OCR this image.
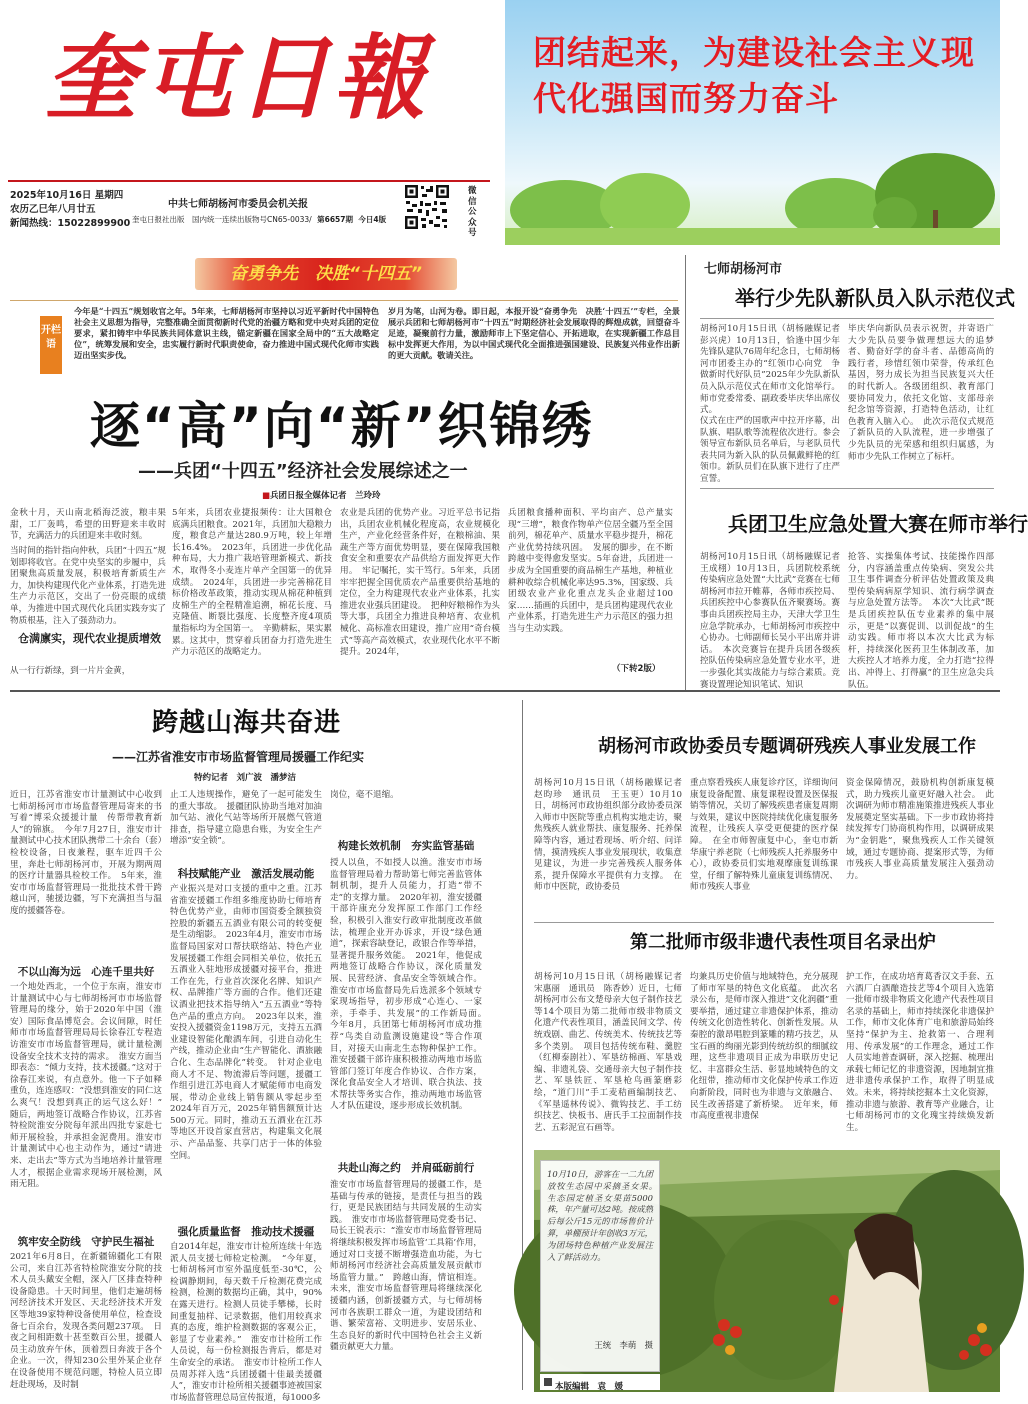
奎屯日報
2025年10月16日 星期四
农历乙巳年八月廿五
新闻热线：15022899900
中共七师胡杨河市委员会机关报
奎屯日报社出版　国内统一连续出版物号CN65-0033/ 第6657期 今日4版
微信公众号
团结起来，为建设社会主义现代化强国而努力奋斗
奋勇争先　决胜“十四五”
开栏语
今年是“十四五”规划收官之年。5年来，七师胡杨河市坚持以习近平新时代中国特色社会主义思想为指导，完整准确全面贯彻新时代党的治疆方略和党中央对兵团的定位要求，紧扣铸牢中华民族共同体意识主线，锚定新疆在国家全局中的“五大战略定位”，统筹发展和安全，忠实履行新时代职责使命，奋力推进中国式现代化师市实践迈出坚实步伐。
岁月为笔，山河为卷。即日起，本报开设“奋勇争先　决胜‘十四五’”专栏，全景展示兵团和七师胡杨河市“十四五”时期经济社会发展取得的辉煌成就，回望奋斗足迹，凝聚前行力量，激励师市上下坚定信心、开拓进取，在实现新疆工作总目标中发挥更大作用，为以中国式现代化全面推进强国建设、民族复兴伟业作出新的更大贡献。敬请关注。
逐“高”向“新”织锦绣
——兵团“十四五”经济社会发展综述之一
■兵团日报全媒体记者　兰玲玲
金秋十月，天山南北稻海泛波，粮丰果甜，工厂轰鸣，希望的田野迎来丰收时节，充满活力的兵团迎来丰收时刻。
当时间的指针指向仲秋，兵团“十四五”规划即将收官。在党中央坚实的步履中，兵团聚焦高质量发展，积极培育新质生产力，加快构建现代化产业体系，打造先进生产力示范区，交出了一份亮眼的成绩单，为推进中国式现代化兵团实践夯实了物质根基，注入了强劲动力。
仓满廪实，现代农业提质增效
从一行行新绿，到一片片金黄，
5年来，兵团农业捷报频传：让大国粮仓底满兵团粮食。2021年，兵团加大稳粮力度，粮食总产量达280.9万吨，较上年增长16.4%。　2023年，兵团进一步优化品种布局，大力推广栽培管理新模式、新技术，取得冬小麦连片单产全国第一的优异成绩。　2024年，兵团进一步完善棉花目标价格改革政策，推动实现从棉花种植到皮棉生产的全程精准追溯，棉花长度、马克隆值、断裂比强度、长度整齐度4项质量指标均为全国第一。　辛勤耕耘，果实累累。这其中，贯穿着兵团奋力打造先进生产力示范区的战略定力。
农业是兵团的优势产业。习近平总书记指出，兵团农业机械化程度高，农业规模化生产，产业化经营条件好，在粮棉油、果蔬生产等方面优势明显，要在保障我国粮食安全和重要农产品供给方面发挥更大作用。　牢记嘱托，实干笃行。5年来，兵团牢牢把握全国优质农产品重要供给基地的定位，全力构建现代农业产业体系，扎实推进农业强兵团建设。　把种好粮棉作为头等大事，兵团全力推进良种培育、农业机械化、高标准农田建设，推广应用“奇台模式”等高产高效模式，农业现代化水平不断提升。2024年，
兵团粮食播种面积、平均亩产、总产量实现“三增”，粮食作物单产位居全疆乃至全国前列，棉花单产、质量水平稳步提升，棉花产业优势持续巩固。　发展的脚步，在不断跨越中变得愈发坚实。5年奋进，兵团进一步成为全国重要的商品棉生产基地，种植业耕种收综合机械化率达95.3%，国家级、兵团级农业产业化重点龙头企业超过100家……插画的兵团中，是兵团构建现代农业产业体系，打造先进生产力示范区的强力担当与生动实践。
（下转2版）
七师胡杨河市
举行少先队新队员入队示范仪式
胡杨河10月15日讯（胡杨融媒记者　彭兴虎）10月13日，恰逢中国少年先锋队建队76周年纪念日，七师胡杨河市团委主办的“红领巾心向党　争做新时代好队员”2025年少先队新队员入队示范仪式在师市文化馆举行。师市党委常委、副政委毕庆华出席仪式。
仪式在庄严的国歌声中拉开序幕，出队旗、唱队歌等流程依次进行。参会领导宣布新队员名单后，与老队员代表共同为新入队的队员佩戴鲜艳的红领巾。新队员们在队旗下进行了庄严宣誓。
毕庆华向新队员表示祝贺，并寄语广大少先队员要争做理想远大的追梦者、勤奋好学的奋斗者、品德高尚的践行者，珍惜红领巾荣誉，传承红色基因，努力成长为担当民族复兴大任的时代新人。各级团组织、教育部门要协同发力，依托文化馆、支部母亲纪念馆等资源，打造特色活动，让红色教育入脑入心。　此次示范仪式规范了新队员的入队流程，进一步增强了少先队员的光荣感和组织归属感，为师市少先队工作树立了标杆。
兵团卫生应急处置大赛在师市举行
胡杨河10月15日讯（胡杨融媒记者　王成栩）10月13日，兵团院校系统传染病应急处置“大比武”竞赛在七师胡杨河市拉开帷幕，各师市疾控局、兵团疾控中心参赛队伍齐聚赛场。赛事由兵团疾控局主办，天津大学卫生应急学院承办，七师胡杨河市疾控中心协办。七师副师长吴小平出席并讲话。　本次竞赛旨在提升兵团各级疾控队伍传染病应急处置专业水平，进一步强化其实战能力与综合素质。竞赛设置理论知识笔试、知识
抢答、实操集体考试、技能操作四部分，内容涵盖重点传染病、突发公共卫生事件调查分析评估处置政策及典型传染病病原学知识、流行病学调查与应急处置方法等。　本次“大比武”既是兵团疾控队伍专业素养的集中展示，更是“以赛促训、以训促战”的生动实践。师市将以本次大比武为标杆，持续深化医药卫生体制改革，加大疾控人才培养力度，全力打造“拉得出、冲得上、打得赢”的卫生应急尖兵队伍。
跨越山海共奋进
——江苏省淮安市市场监督管理局援疆工作纪实
特约记者　刘广波　潘梦洁
近日，江苏省淮安市计量测试中心收到七师胡杨河市市场监督管理局寄来的书写着“博采众援援计量　传帮带教育新人”的锦旗。　今年7月27日，淮安市计量测试中心技术团队携带二十余台（套）检校设备，日夜兼程，驱车近四千公里，奔赴七师胡杨河市，开展为期两周的医疗计量器具检校工作。　5年来，淮安市市场监督管理局一批批技术骨干跨越山河，驰援边疆，写下充满担当与温度的援疆答卷。
不以山海为远　心连千里共好
一个地处西北，一个位于东南，淮安市计量测试中心与七师胡杨河市市场监督管理局的缘分，始于2020年中国（淮安）国际食品博览会。会议间隙，时任师市市场监督管理局局长徐春江专程造访淮安市市场监督管理局，就计量检测设备安全技术支持的需求。　淮安方面当即表态：“倾力支持，技术援疆。”这对于徐春江来说，有点意外。他一下子如释重负，连连感叹：“没想到淮安的同仁这么爽气！没想到真正的运气这么好！”　随后，两地签订战略合作协议，江苏省特检院淮安分院每年派出四批专家赴七师开展检验，并承担金泥费用。淮安市计量测试中心也主动作为，通过“请进来、走出去”等方式为当地培养计量管理人才，根据企业需求现场开展检测，风雨无阻。
筑牢安全防线　守护民生福祉
2021年6月8日，在新疆锦疆化工有限公司，来自江苏省特检院淮安分院的技术人员头戴安全帽，深入厂区排查特种设备隐患。十天时间里，他们走遍胡杨河经济技术开发区、天北经济技术开发区等地39家特种设备使用单位，检查设备七百余台，发现各类问题237项。　日夜之间相距数十甚至数百公里，援疆人员主动放弃午休，顶着烈日奔波于各个企业。一次，得知230公里外某企业存在设备使用不规范问题，特检人员立即赶赴现场，及时制
止工人违规操作，避免了一起可能发生的重大事故。　援疆团队协助当地对加油加气站、液化气站等场所开展燃气管道排查，指导建立隐患台账，为安全生产增添“安全锁”。
科技赋能产业　激活发展动能
产业振兴是对口支援的重中之重。江苏省淮安援疆工作组多维度协助七师培育特色优势产业，由师市国资委全额独资控股的新疆五五酒业有限公司的转变便是生动缩影。　2023年4月，淮安市市场监督局国家对口帮扶联络站、特色产业发展援疆工作组会同相关单位，依托五五酒业入驻地形成援疆对接平台，推进工作在先，行业首次深化名牌、知识产权、品牌推广等方面的合作。他们还建议酒业把技术指导纳入“五五酒业”等特色产品的重点方向。　2023年以来，淮安投入援疆资金1198万元，支持五五酒业建设智能化酿酒车间，引进自动化生产线，推动企业由“生产智能化、酒旅融合化、生态品牌化”转变。　针对企业电商人才不足、物流滞后等问题，援疆工作组引进江苏电商人才赋能师市电商发展，带动企业线上销售额从零起步至2024年百万元，2025年销售额预计达500万元。同时，推动五五酒业在江苏等地区开设首家直营店，构建集文化展示、产品品鉴、共享门店于一体的体验空间。
强化质量监督　推动技术援疆
自2014年起，淮安市计检所连续十年选派人员支援七师检定检测。　“今年夏，七师胡杨河市室外温度低至-30℃，公检调静期间，每天数千斤检测花费完成检测，检测的数据均正确，其中，90%在露天进行。检测人员徒手攀梯，长时间重复抽样、记录数据，他们用较真求真的态度，维护检测数据的客观公正，彰显了专业素养。”　淮安市计检所工作人员说，每一份检测报告背后，都是对生命安全的承诺。　淮安市计检所工作人员周苏祥入选“兵团援疆十佳最美援疆人”，淮安市计检所相关援疆事迹被国家市场监督管理总局宣传报道，每1000多
岗位，毫不退缩。
构建长效机制　夯实监管基础
授人以鱼，不如授人以渔。淮安市市场监督管理局着力帮助第七师完善监管体制机制，提升人员能力，打造“带不走”的支撑力量。　2020年初，淮安援疆干部许康充分发挥原工作部门工作经验，积极引入淮安行政审批制度改革做法，梳理企业开办诉求，开设“绿色通道”，探索容缺登记，政银合作等举措，显著提升服务效能。　2021年，他促成两地签订战略合作协议，深化质量发展、民营经济、食品安全等领域合作。淮安市市场监督局先后选派多个领域专家现场指导，初步形成“心连心、一家亲，手牵手、共发展”的工作新局面。　今年8月，兵团第七师胡杨河市成功推荐“鸟类自动监测设施建设”等合作项目，对接天山南北生态物种保护工作。淮安援疆干部许康积极推动两地市场监管部门签订年度合作协议、合作方案，深化食品安全人才培训、联合执法、技术帮扶等务实合作，推动两地市场监管人才队伍建设，逐步形成长效机制。
共赴山海之约　并肩砥砺前行
淮安市市场监督管理局的援疆工作，是基础与传承的链接，是责任与担当的践行，更是民族团结与共同发展的生动实践。　淮安市市场监督管理局党委书记、局长王锐表示：“淮安市市场监督管理局将继续积极发挥市场监管‘工具箱’作用，通过对口支援不断增强造血功能，为七师胡杨河市经济社会高质量发展贡献市场监管力量。”　跨越山海，情谊相连。未来，淮安市场监督管理局将继续深化援疆内涵，创新援疆方式，与七师胡杨河市各族职工群众一道，为建设团结和谐、繁荣富裕、文明进步、安居乐业、生态良好的新时代中国特色社会主义新疆贡献更大力量。
胡杨河市政协委员专题调研残疾人事业发展工作
胡杨河10月15日讯（胡杨融媒记者　赵昀珍　通讯员　王玉更）10月10日，胡杨河市政协组织部分政协委员深入师市中医院等重点机构实地走访，聚焦残疾人就业帮扶、康复服务、托养保障等内容，通过看现场、听介绍、问详情，摸清残疾人事业发展现状，收集意见建议，为进一步完善残疾人服务体系，提升保障水平提供有力支撑。　在师市中医院，政协委员
重点察看残疾人康复诊疗区，详细询问康复设备配置、康复课程设置及医保报销等情况，关切了解残疾患者康复周期与效果，建议中医院持续优化康复服务流程，让残疾人享受更便捷的医疗保障。　在全市师智康复中心，奎屯市新华康宁养老院（七师残疾人托养服务中心），政协委员们实地观摩康复训练课堂，仔细了解特殊儿童康复训练情况、师市残疾人事业
资金保障情况，鼓励机构创新康复模式，助力残疾儿童更好融入社会。　此次调研为师市精准施策推进残疾人事业发展奠定坚实基础。下一步市政协将持续发挥专门协商机构作用，以调研成果为“金钥匙”，聚焦残疾人工作关键领域，通过专题协商、提案形式等，为师市残疾人事业高质量发展注入强劲动力。
第二批师市级非遗代表性项目名录出炉
胡杨河10月15日讯（胡杨融媒记者　宋惠丽　通讯员　陈香妙）近日，七师胡杨河市公布文楚母亲大包子制作技艺等14个项目为第二批师市级非物质文化遗产代表性项目，涵盖民间文学、传统戏剧、曲艺、传统美术、传统技艺等多个类别。　项目包括传统布鞋、羹腔（红柳泰剧社）、军垦纺棉画、军垦戏编、非遗礼袋、交通母亲大包子制作技艺、军垦铁匠、军垦枪鸟画篆磨彩绘，“道门川”手工麦秸画编制技艺、《军垦遥林传说》、微钩技艺、手工纺织技艺、快板书、唐氏手工拉面制作技艺、五彩泥宣石画等。
均兼具历史价值与地域特色，充分展现了师市军垦的特色文化底蕴。　此次名录公布，是师市深入推进“文化润疆”重要举措，通过建立非遗保护体系，推动传统文化创造性转化、创新性发展。从秦腔的激昂唱腔到篆雕的精巧技艺，从宝石画的绚丽光影到传统纺织的细腻纹理，这些非遗项目正成为串联历史记忆、丰富群众生活、彰显地域特色的文化纽带，推动师市文化保护传承工作迈向新阶段，同时也为非遗与文旅融合、民生改善搭建了新桥梁。　近年来，师市高度重视非遗保
护工作，在成功培育葛香汉文手套、五六酒厂白酒酿造技艺等4个项目入选第一批师市级非物质文化遗产代表性项目名录的基础上，师市持续深化非遗保护工作，师市文化体育广电和旅游局始终坚持“保护为主、抢救第一、合理利用、传承发展”的工作理念，通过工作人员实地普查调研，深入挖掘、梳理出承载七师记忆的非遗资源，因地制宜推进非遗传承保护工作，取得了明显成效。未来，将持续挖掘本土文化资源，推动非遗与旅游、教育等产业融合，让七师胡杨河市的文化瑰宝持续焕发新生。
10月10日，游客在一二九团放牧生态园中采摘圣女果。　生态园定植圣女果苗5000株，年产量可达2吨。按成熟后每公斤15元的市场售价计算，单棚预计年创收3万元，为团场特色种植产业发展注入了鲜活动力。
王统　李萌　摄
本版编辑　袁　媛
